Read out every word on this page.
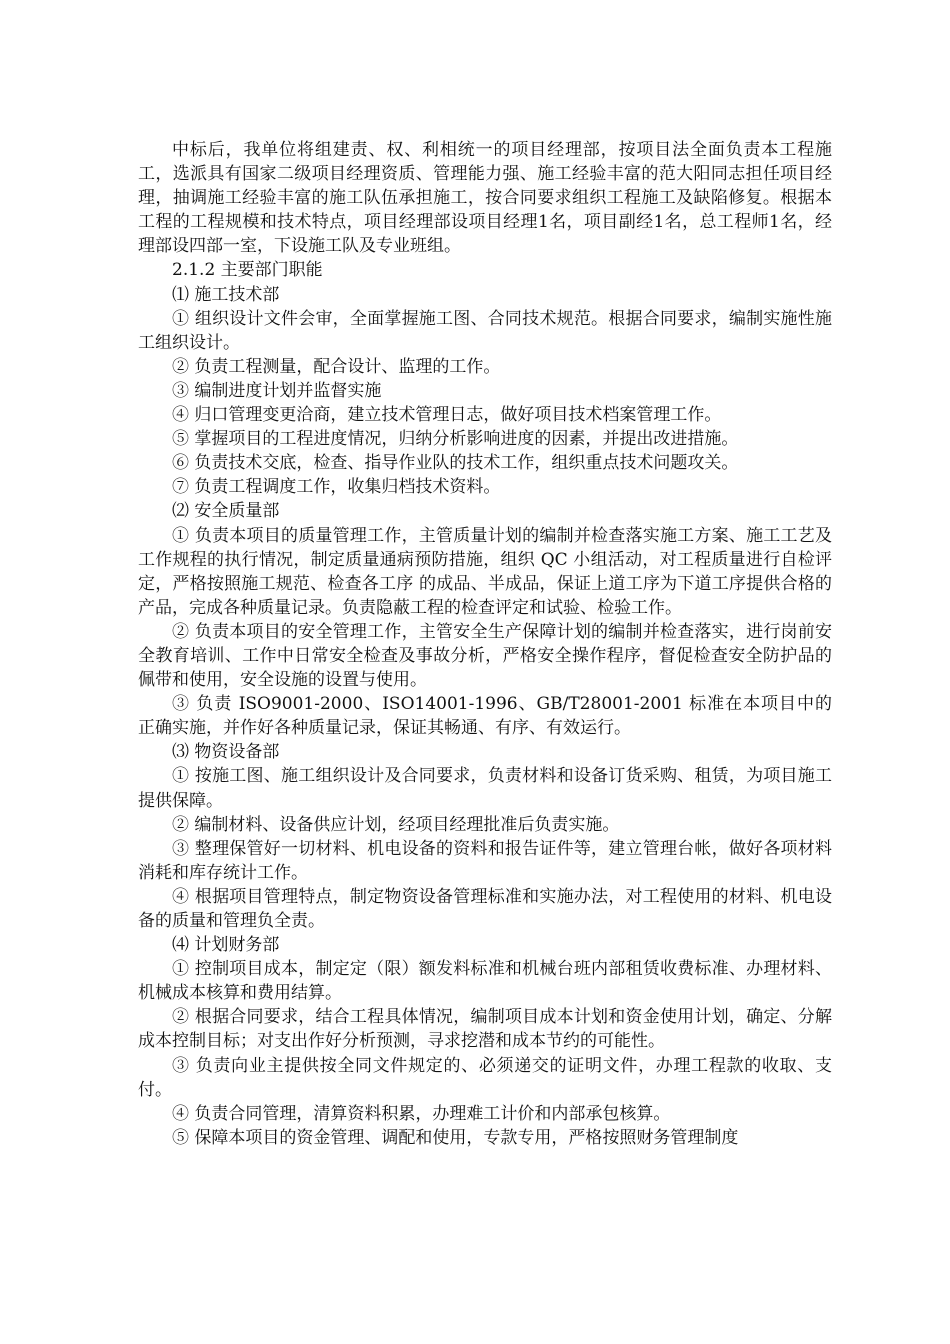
中标后，我单位将组建责、权、利相统一的项目经理部，按项目法全面负责本工程施工，选派具有国家二级项目经理资质、管理能力强、施工经验丰富的范大阳同志担任项目经理，抽调施工经验丰富的施工队伍承担施工，按合同要求组织工程施工及缺陷修复。根据本工程的工程规模和技术特点，项目经理部设项目经理1名，项目副经1名，总工程师1名，经理部设四部一室，下设施工队及专业班组。

2.1.2 主要部门职能

⑴ 施工技术部

① 组织设计文件会审，全面掌握施工图、合同技术规范。根据合同要求，编制实施性施工组织设计。

② 负责工程测量，配合设计、监理的工作。

③ 编制进度计划并监督实施

④ 归口管理变更洽商，建立技术管理日志，做好项目技术档案管理工作。

⑤ 掌握项目的工程进度情况，归纳分析影响进度的因素，并提出改进措施。

⑥ 负责技术交底，检查、指导作业队的技术工作，组织重点技术问题攻关。

⑦ 负责工程调度工作，收集归档技术资料。

⑵ 安全质量部

① 负责本项目的质量管理工作，主管质量计划的编制并检查落实施工方案、施工工艺及工作规程的执行情况，制定质量通病预防措施，组织 QC 小组活动，对工程质量进行自检评定，严格按照施工规范、检查各工序 的成品、半成品，保证上道工序为下道工序提供合格的产品，完成各种质量记录。负责隐蔽工程的检查评定和试验、检验工作。

② 负责本项目的安全管理工作，主管安全生产保障计划的编制并检查落实，进行岗前安全教育培训、工作中日常安全检查及事故分析，严格安全操作程序，督促检查安全防护品的佩带和使用，安全设施的设置与使用。

③ 负责 ISO9001-2000、ISO14001-1996、GB/T28001-2001 标准在本项目中的正确实施，并作好各种质量记录，保证其畅通、有序、有效运行。

⑶ 物资设备部

① 按施工图、施工组织设计及合同要求，负责材料和设备订货采购、租赁，为项目施工提供保障。

② 编制材料、设备供应计划，经项目经理批准后负责实施。

③ 整理保管好一切材料、机电设备的资料和报告证件等，建立管理台帐，做好各项材料消耗和库存统计工作。

④ 根据项目管理特点，制定物资设备管理标准和实施办法，对工程使用的材料、机电设备的质量和管理负全责。

⑷ 计划财务部

① 控制项目成本，制定定（限）额发料标准和机械台班内部租赁收费标准、办理材料、机械成本核算和费用结算。

② 根据合同要求，结合工程具体情况，编制项目成本计划和资金使用计划，确定、分解成本控制目标；对支出作好分析预测，寻求挖潜和成本节约的可能性。

③ 负责向业主提供按全同文件规定的、必须递交的证明文件，办理工程款的收取、支付。

④ 负责合同管理，清算资料积累，办理难工计价和内部承包核算。

⑤ 保障本项目的资金管理、调配和使用，专款专用，严格按照财务管理制度
